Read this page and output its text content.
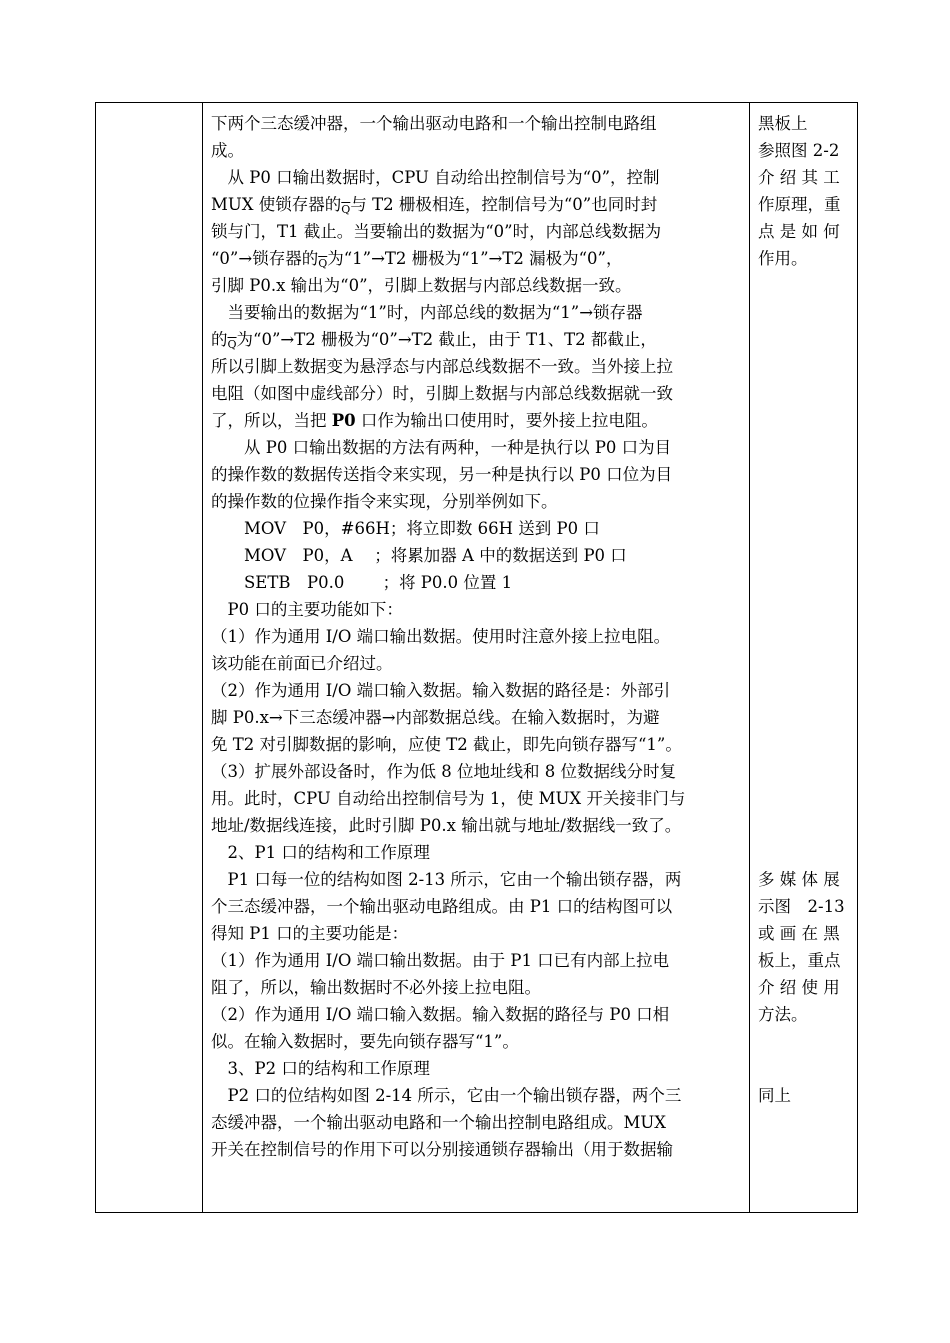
下两个三态缓冲器，一个输出驱动电路和一个输出控制电路组
成。
　从 P0 口输出数据时，CPU 自动给出控制信号为“0”，控制
MUX 使锁存器的$\overline{Q}$与 T2 栅极相连，控制信号为“0”也同时封
锁与门，T1 截止。当要输出的数据为“0”时，内部总线数据为
“0”→锁存器的$\overline{Q}$为“1”→T2 栅极为“1”→T2 漏极为“0”，
引脚 P0.x 输出为“0”，引脚上数据与内部总线数据一致。
　当要输出的数据为“1”时，内部总线的数据为“1”→锁存器
的$\overline{Q}$为“0”→T2 栅极为“0”→T2 截止，由于 T1、T2 都截止，
所以引脚上数据变为悬浮态与内部总线数据不一致。当外接上拉
电阻（如图中虚线部分）时，引脚上数据与内部总线数据就一致
了，所以，当把 P0 口作为输出口使用时，要外接上拉电阻。
　　从 P0 口输出数据的方法有两种，一种是执行以 P0 口为目
的操作数的数据传送指令来实现，另一种是执行以 P0 口位为目
的操作数的位操作指令来实现，分别举例如下。
　　MOV　P0，#66H；将立即数 66H 送到 P0 口
　　MOV　P0，A　 ；将累加器 A 中的数据送到 P0 口
　　SETB　P0.0　　 ；将 P0.0 位置 1
　P0 口的主要功能如下：
（1）作为通用 I/O 端口输出数据。使用时注意外接上拉电阻。
该功能在前面已介绍过。
（2）作为通用 I/O 端口输入数据。输入数据的路径是：外部引
脚 P0.x→下三态缓冲器→内部数据总线。在输入数据时，为避
免 T2 对引脚数据的影响，应使 T2 截止，即先向锁存器写“1”。
（3）扩展外部设备时，作为低 8 位地址线和 8 位数据线分时复
用。此时，CPU 自动给出控制信号为 1，使 MUX 开关接非门与
地址/数据线连接，此时引脚 P0.x 输出就与地址/数据线一致了。
　2、P1 口的结构和工作原理
　P1 口每一位的结构如图 2-13 所示，它由一个输出锁存器，两
个三态缓冲器，一个输出驱动电路组成。由 P1 口的结构图可以
得知 P1 口的主要功能是：
（1）作为通用 I/O 端口输出数据。由于 P1 口已有内部上拉电
阻了，所以，输出数据时不必外接上拉电阻。
（2）作为通用 I/O 端口输入数据。输入数据的路径与 P0 口相
似。在输入数据时，要先向锁存器写“1”。
　3、P2 口的结构和工作原理
　P2 口的位结构如图 2-14 所示，它由一个输出锁存器，两个三
态缓冲器，一个输出驱动电路和一个输出控制电路组成。MUX
开关在控制信号的作用下可以分别接通锁存器输出（用于数据输
黑板上
参照图 2-2
介 绍 其 工
作原理，重
点 是 如 何
作用。
多 媒 体 展
示图　2-13
或 画 在 黑
板上，重点
介 绍 使 用
方法。
同上
